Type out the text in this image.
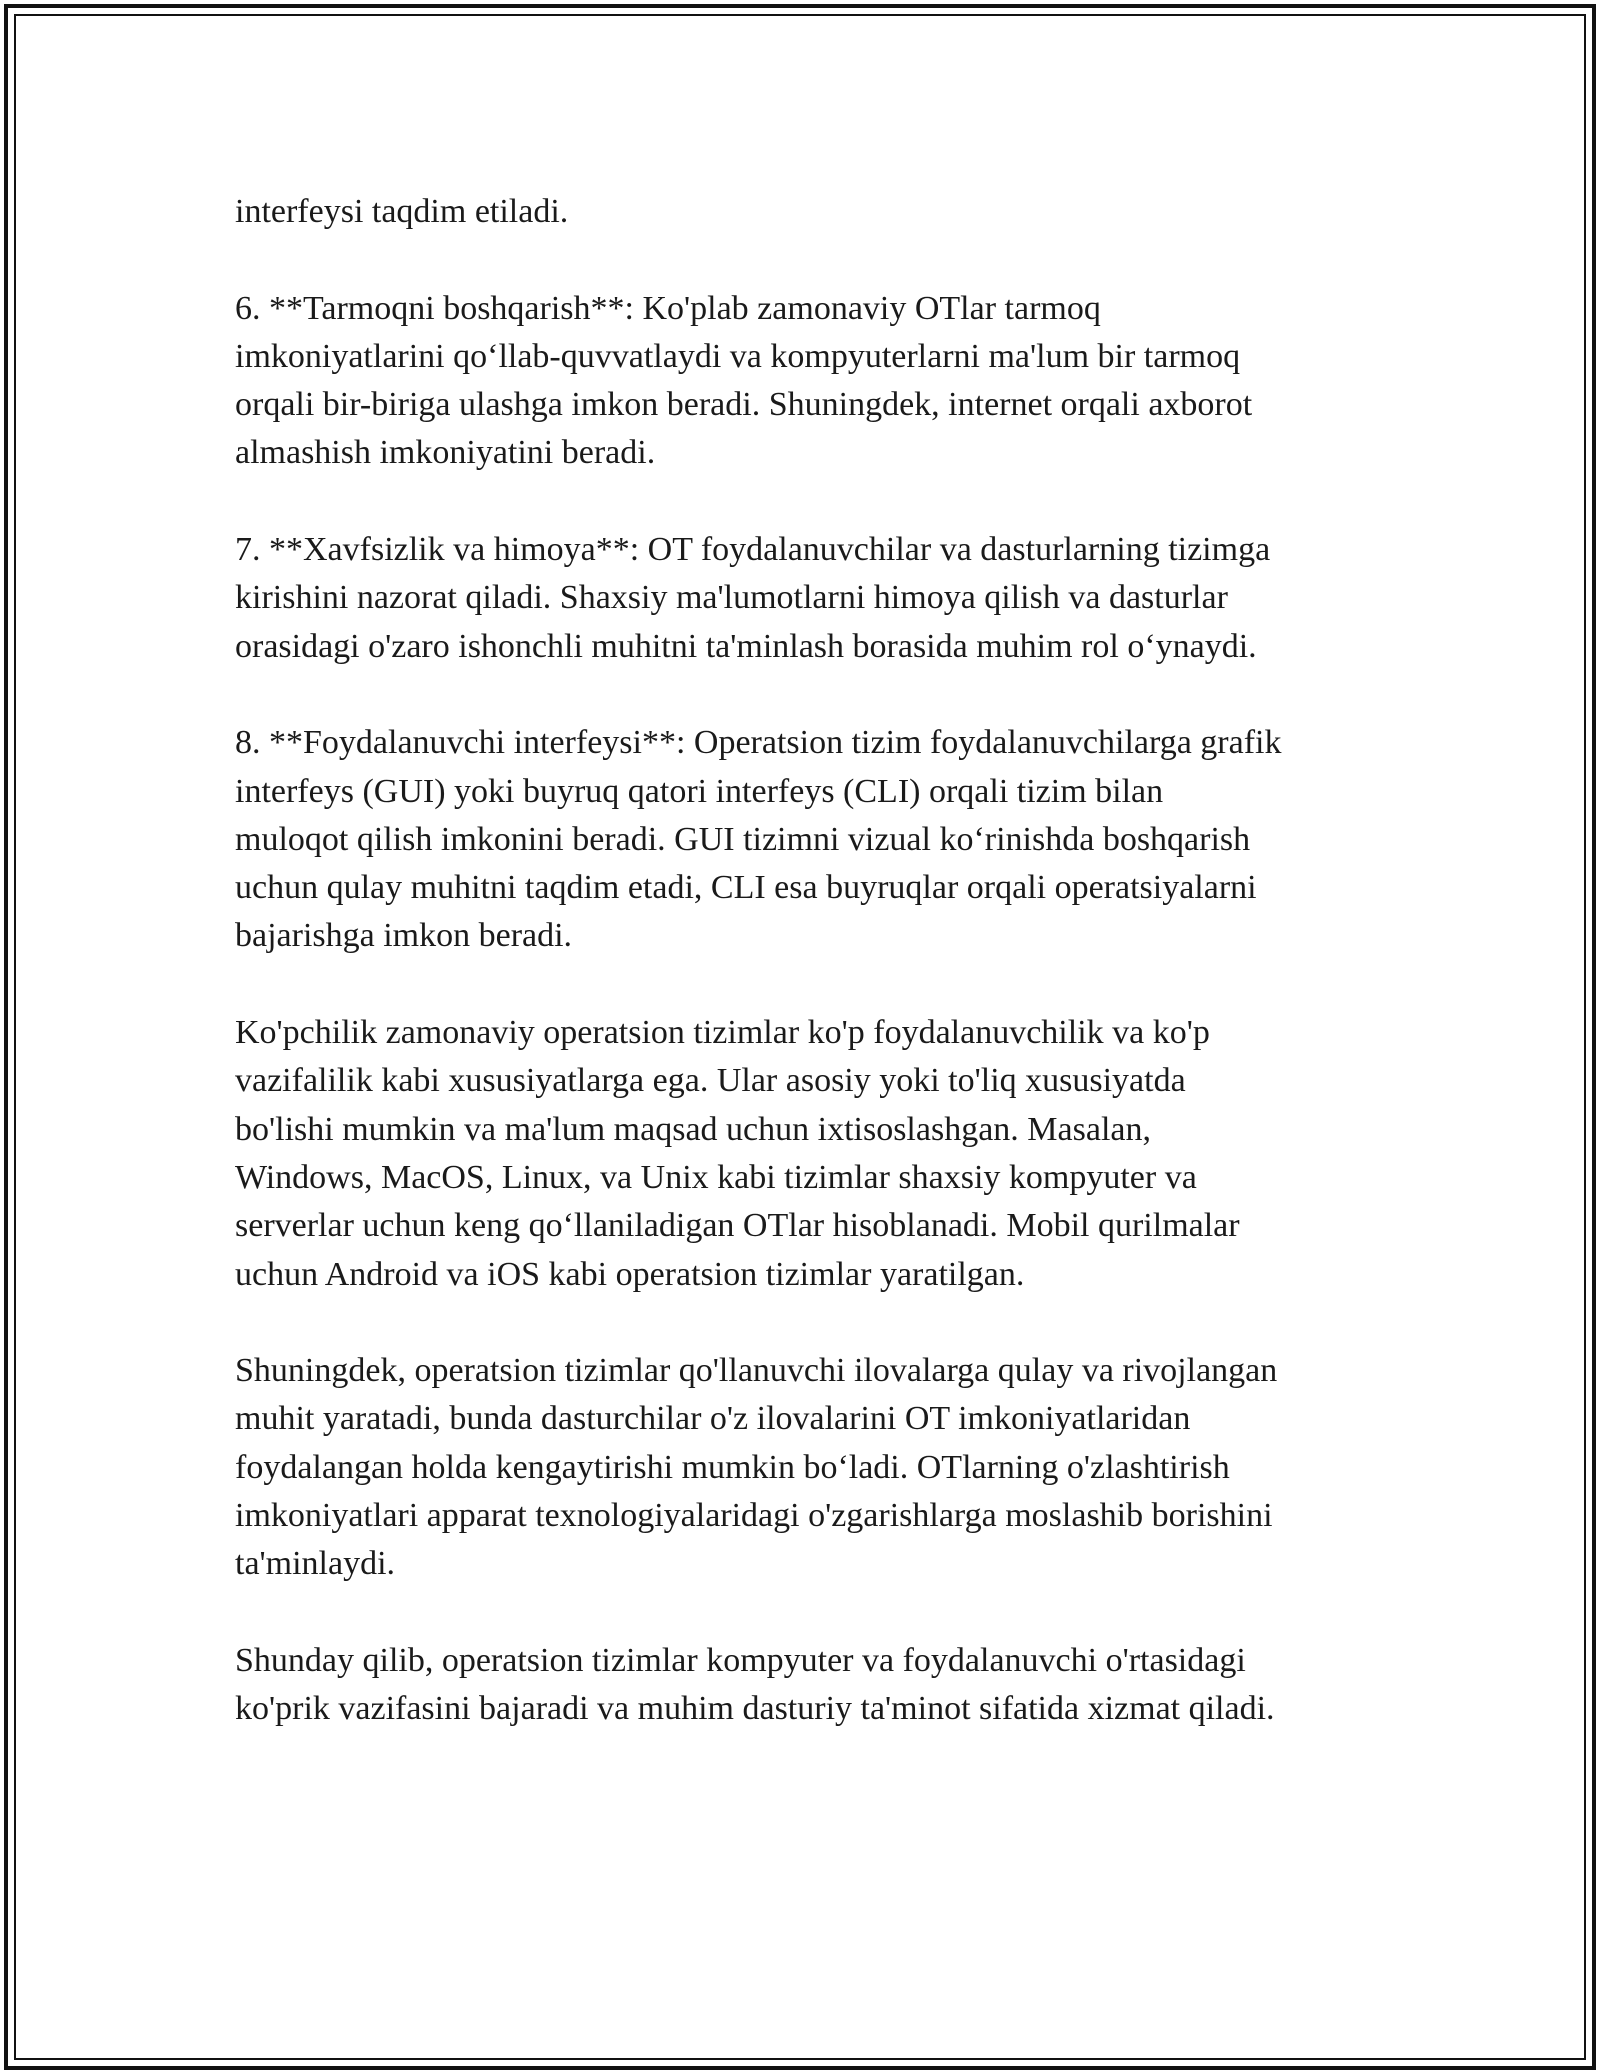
interfeysi taqdim etiladi.

6. **Tarmoqni boshqarish**: Ko'plab zamonaviy OTlar tarmoq
imkoniyatlarini qo‘llab-quvvatlaydi va kompyuterlarni ma'lum bir tarmoq
orqali bir-biriga ulashga imkon beradi. Shuningdek, internet orqali axborot
almashish imkoniyatini beradi.

7. **Xavfsizlik va himoya**: OT foydalanuvchilar va dasturlarning tizimga
kirishini nazorat qiladi. Shaxsiy ma'lumotlarni himoya qilish va dasturlar
orasidagi o'zaro ishonchli muhitni ta'minlash borasida muhim rol o‘ynaydi.

8. **Foydalanuvchi interfeysi**: Operatsion tizim foydalanuvchilarga grafik
interfeys (GUI) yoki buyruq qatori interfeys (CLI) orqali tizim bilan
muloqot qilish imkonini beradi. GUI tizimni vizual ko‘rinishda boshqarish
uchun qulay muhitni taqdim etadi, CLI esa buyruqlar orqali operatsiyalarni
bajarishga imkon beradi.

Ko'pchilik zamonaviy operatsion tizimlar ko'p foydalanuvchilik va ko'p
vazifalilik kabi xususiyatlarga ega. Ular asosiy yoki to'liq xususiyatda
bo'lishi mumkin va ma'lum maqsad uchun ixtisoslashgan. Masalan,
Windows, MacOS, Linux, va Unix kabi tizimlar shaxsiy kompyuter va
serverlar uchun keng qo‘llaniladigan OTlar hisoblanadi. Mobil qurilmalar
uchun Android va iOS kabi operatsion tizimlar yaratilgan.

Shuningdek, operatsion tizimlar qo'llanuvchi ilovalarga qulay va rivojlangan
muhit yaratadi, bunda dasturchilar o'z ilovalarini OT imkoniyatlaridan
foydalangan holda kengaytirishi mumkin bo‘ladi. OTlarning o'zlashtirish
imkoniyatlari apparat texnologiyalaridagi o'zgarishlarga moslashib borishini
ta'minlaydi.

Shunday qilib, operatsion tizimlar kompyuter va foydalanuvchi o'rtasidagi
ko'prik vazifasini bajaradi va muhim dasturiy ta'minot sifatida xizmat qiladi.
